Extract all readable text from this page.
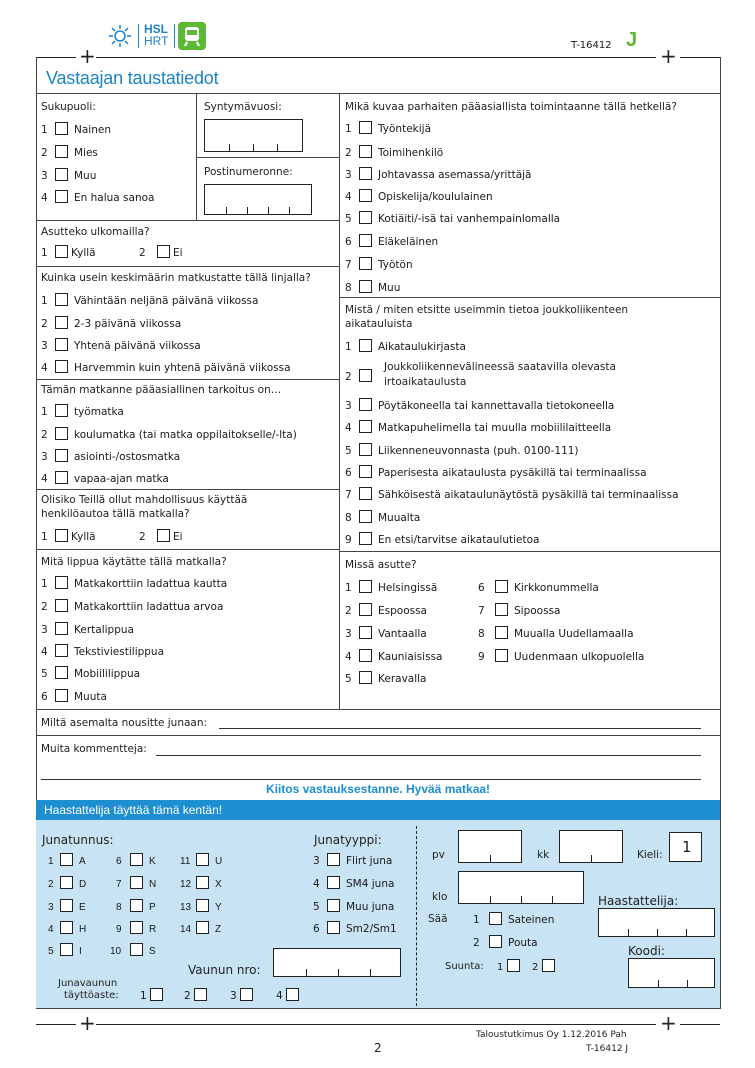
HSL
HRT	T-16412 J
+	+
Vastaajan taustatiedot
Sukupuoli:
1	Nainen
2	Mies
3	Muu
4	En halua sanoa
Syntymävuosi:
Postinumeronne:
Asutteko ulkomailla?
1 Kyllä	2	Ei
Kuinka usein keskimäärin matkustatte tällä linjalla?
1	Vähintään neljänä päivänä viikossa
2	2-3 päivänä viikossa
3	Yhtenä päivänä viikossa
4	Harvemmin kuin yhtenä päivänä viikossa
Tämän matkanne pääasiallinen tarkoitus on…
1	työmatka
2	koulumatka (tai matka oppilaitokselle/-lta)
3	asiointi-/ostosmatka
4	vapaa-ajan matka
Olisiko Teillä ollut mahdollisuus käyttää
henkilöautoa tällä matkalla?
1 Kyllä	2	Ei
Mitä lippua käytätte tällä matkalla?
1	Matkakorttiin ladattua kautta
2	Matkakorttiin ladattua arvoa
3	Kertalippua
4	Tekstiviestilippua
5	Mobiililippua
6	Muuta
Mikä kuvaa parhaiten pääasiallista toimintaanne tällä hetkellä?
1	Työntekijä
2	Toimihenkilö
3	Johtavassa asemassa/yrittäjä
4	Opiskelija/koululainen
5	Kotiäiti/-isä tai vanhempainlomalla
6	Eläkeläinen
7	Työtön
8	Muu
Mistä / miten etsitte useimmin tietoa joukkoliikenteen
aikatauluista
1	Aikataulukirjasta
2
Joukkoliikennevälineessä saatavilla olevasta
irtoaikataulusta
3	Pöytäkoneella tai kannettavalla tietokoneella
4	Matkapuhelimella tai muulla mobiililaitteella
5	Liikenneneuvonnasta (puh. 0100-111)
6	Paperisesta aikataulusta pysäkillä tai terminaalissa
7	Sähköisestä aikataulunäytöstä pysäkillä tai terminaalissa
8	Muualta
9	En etsi/tarvitse aikataulutietoa
Missä asutte?
1	Helsingissä
2	Espoossa
3	Vantaalla
4	Kauniaisissa
5	Keravalla
6	Kirkkonummella
7	Sipoossa
8	Muualla Uudellamaalla
9	Uudenmaan ulkopuolella
Miltä asemalta nousitte junaan:
Muita kommentteja:
Kiitos vastauksestanne. Hyvää matkaa!
Haastattelija täyttää tämä kentän!
Junatunnus:	Junatyyppi:
1	A
2	D
3	E
4	H
5	I
6	K
7	N
8	P
9	R
10	S
11 U
12 X
13 Y
14 Z
3	Flirt juna
4	SM4 juna
5	Muu juna
6	Sm2/Sm1
Vaunun nro:
Junavaunun
täyttöaste: 1	2	3	4
pv	kk	Kieli: 1
klo	Haastattelija:
Sää 1	Sateinen
2	Pouta
Koodi:
Suunta: 1	2
+	+
Taloustutkimus Oy 1.12.2016 Pah
T-16412 J
2
